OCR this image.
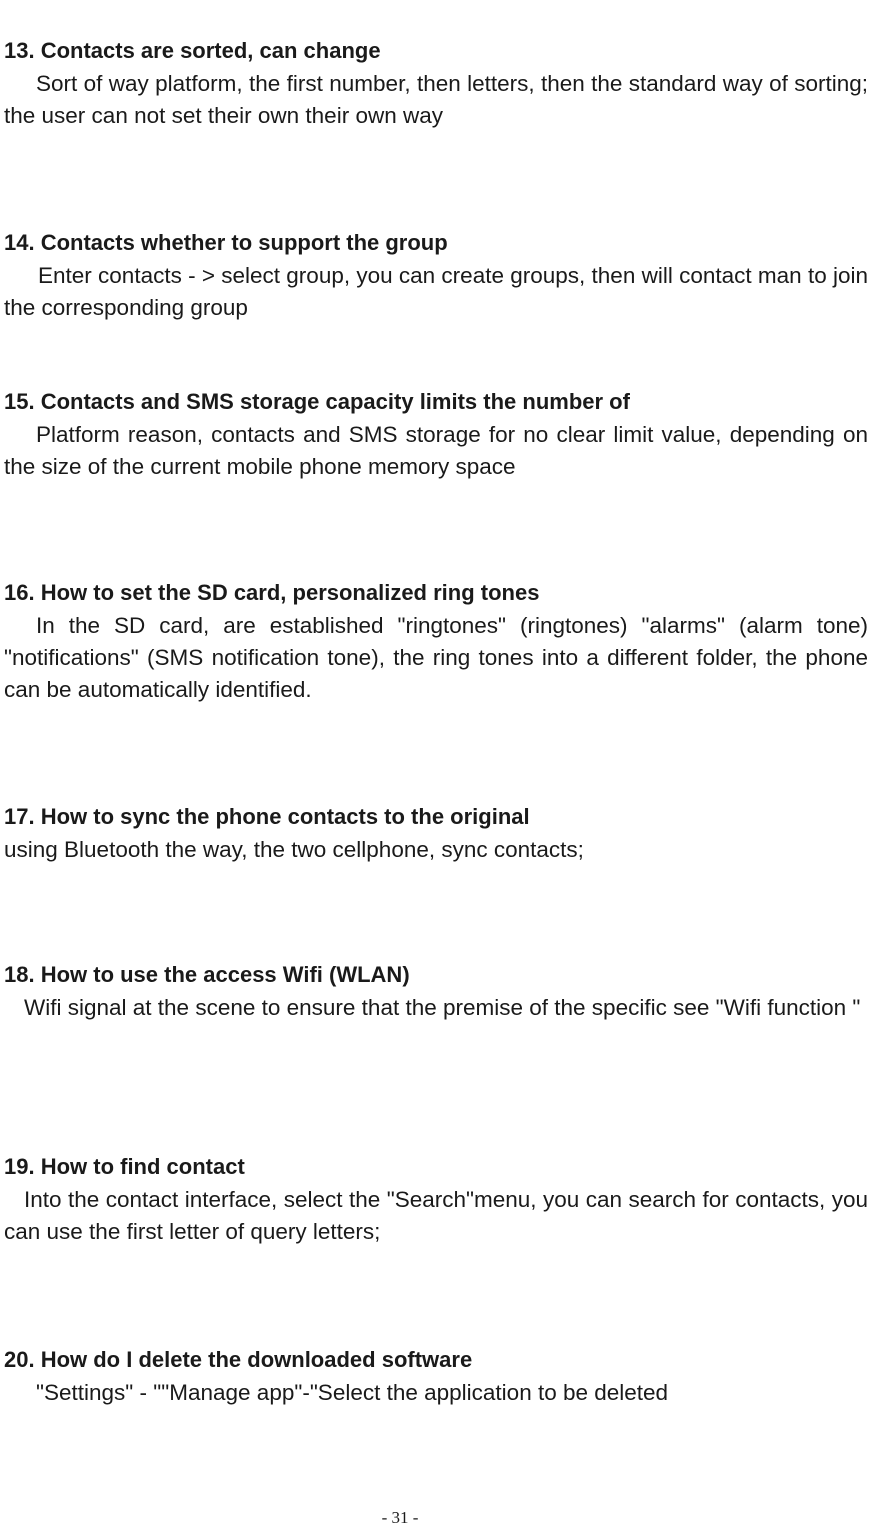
13. Contacts are sorted, can change

Sort of way platform, the first number, then letters, then the standard way of sorting; the user can not set their own their own way

14. Contacts whether to support the group

Enter contacts - > select group, you can create groups, then will contact man to join the corresponding group

15. Contacts and SMS storage capacity limits the number of

Platform reason, contacts and SMS storage for no clear limit value, depending on the size of the current mobile phone memory space

16. How to set the SD card, personalized ring tones

In the SD card, are established "ringtones" (ringtones) "alarms" (alarm tone) "notifications" (SMS notification tone), the ring tones into a different folder, the phone can be automatically identified.

17. How to sync the phone contacts to the original

using Bluetooth the way, the two cellphone, sync contacts;

18. How to use the access Wifi (WLAN)

Wifi signal at the scene to ensure that the premise of the specific see "Wifi function "

19. How to find contact

Into the contact interface, select the "Search"menu, you can search for contacts, you can use the first letter of query letters;

20. How do I delete the downloaded software

"Settings" - ""Manage app"-"Select the application to be deleted

- 31 -
